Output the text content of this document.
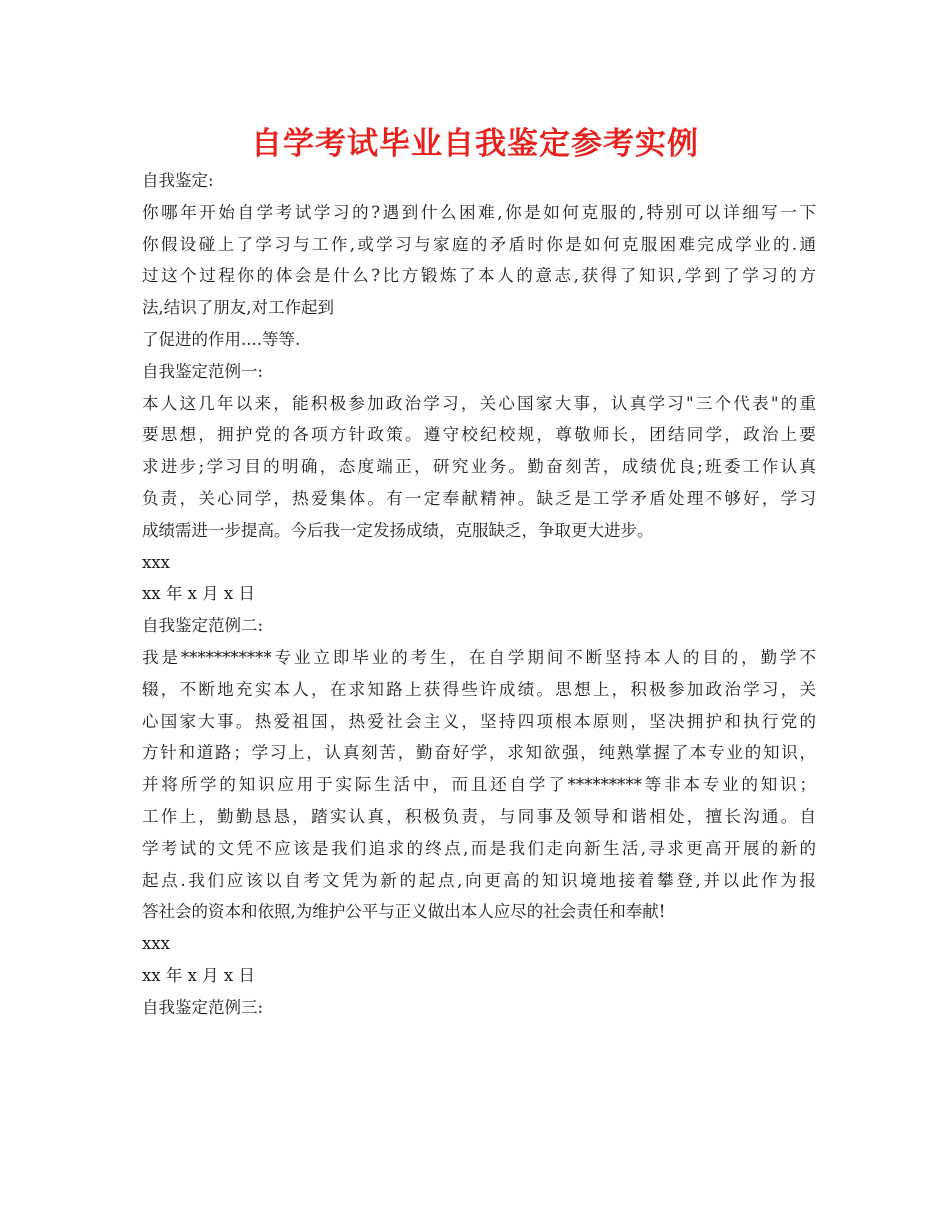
自学考试毕业自我鉴定参考实例
自我鉴定:
你哪年开始自学考试学习的?遇到什么困难,你是如何克服的,特别可以详细写一下
你假设碰上了学习与工作,或学习与家庭的矛盾时你是如何克服困难完成学业的.通
过这个过程你的体会是什么?比方锻炼了本人的意志,获得了知识,学到了学习的方
法,结识了朋友,对工作起到
了促进的作用....等等.
自我鉴定范例一:
本人这几年以来，能积极参加政治学习，关心国家大事，认真学习"三个代表"的重
要思想，拥护党的各项方针政策。遵守校纪校规，尊敬师长，团结同学，政治上要
求进步;学习目的明确，态度端正，研究业务。勤奋刻苦，成绩优良;班委工作认真
负责，关心同学，热爱集体。有一定奉献精神。缺乏是工学矛盾处理不够好，学习
成绩需进一步提高。今后我一定发扬成绩，克服缺乏，争取更大进步。
xxx
xx 年 x 月 x 日
自我鉴定范例二:
我是***********专业立即毕业的考生，在自学期间不断坚持本人的目的，勤学不
辍，不断地充实本人，在求知路上获得些许成绩。思想上，积极参加政治学习，关
心国家大事。热爱祖国，热爱社会主义，坚持四项根本原则，坚决拥护和执行党的
方针和道路；学习上，认真刻苦，勤奋好学，求知欲强，纯熟掌握了本专业的知识，
并将所学的知识应用于实际生活中，而且还自学了*********等非本专业的知识；
工作上，勤勤恳恳，踏实认真，积极负责，与同事及领导和谐相处，擅长沟通。自
学考试的文凭不应该是我们追求的终点,而是我们走向新生活,寻求更高开展的新的
起点.我们应该以自考文凭为新的起点,向更高的知识境地接着攀登,并以此作为报
答社会的资本和依照,为维护公平与正义做出本人应尽的社会责任和奉献!
xxx
xx 年 x 月 x 日
自我鉴定范例三:
